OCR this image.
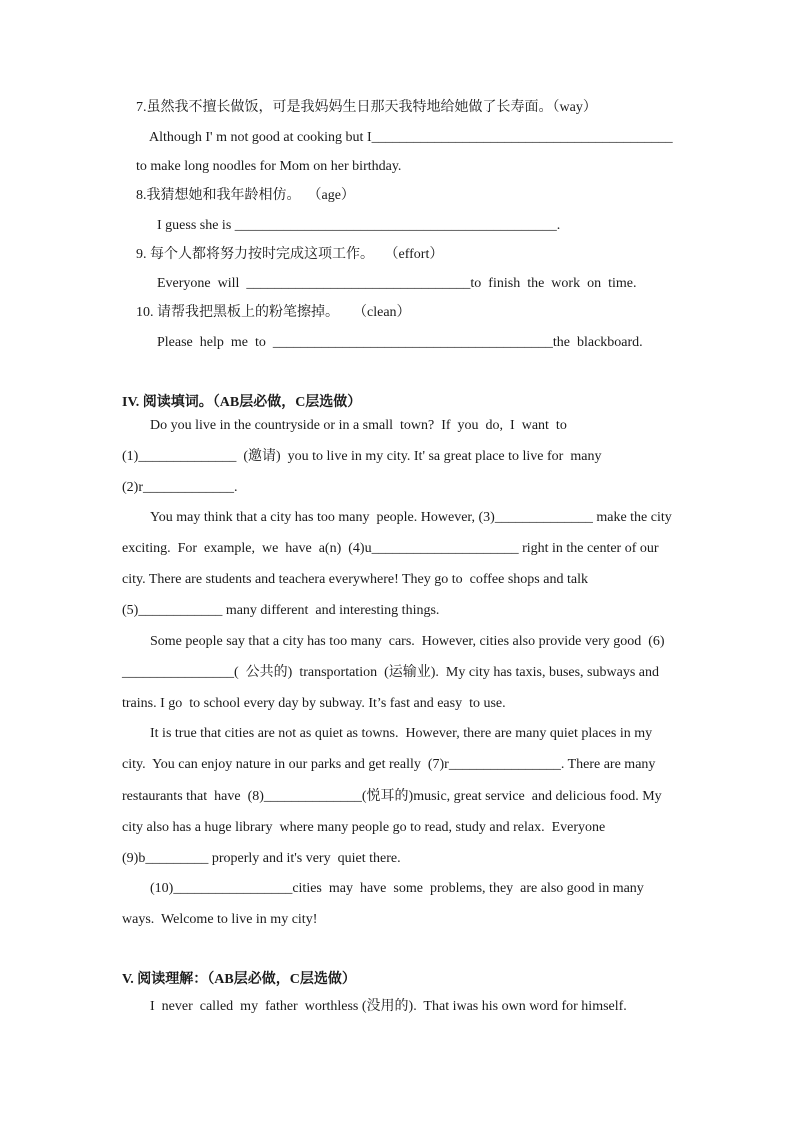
7.虽然我不擅长做饭，可是我妈妈生日那天我特地给她做了长寿面。（way）
Although I' m not good at cooking but I___________________________________________
to make long noodles for Mom on her birthday.
8.我猜想她和我年龄相仿。  （age）
I guess she is ______________________________________________.
9. 每个人都将努力按时完成这项工作。   （effort）
Everyone  will  ________________________________to  finish  the  work  on  time.
10. 请帮我把黑板上的粉笔擦掉。    （clean）
Please  help  me  to  ________________________________________the  blackboard.
IV. 阅读填词。（AB层必做，C层选做）
Do you live in the countryside or in a small  town?  If  you  do,  I  want  to
(1)______________  (邀请)  you to live in my city. It' sa great place to live for  many
(2)r_____________.
You may think that a city has too many  people. However, (3)______________ make the city
exciting.  For  example,  we  have  a(n)  (4)u_____________________ right in the center of our
city. There are students and teachera everywhere! They go to  coffee shops and talk
(5)____________ many different  and interesting things.
Some people say that a city has too many  cars.  However, cities also provide very good  (6)
________________(  公共的)  transportation  (运输业).  My city has taxis, buses, subways and
trains. I go  to school every day by subway. It’s fast and easy  to use.
It is true that cities are not as quiet as towns.  However, there are many quiet places in my
city.  You can enjoy nature in our parks and get really  (7)r________________. There are many
restaurants that  have  (8)______________(悦耳的)music, great service  and delicious food. My
city also has a huge library  where many people go to read, study and relax.  Everyone
(9)b_________ properly and it's very  quiet there.
(10)_________________cities  may  have  some  problems, they  are also good in many
ways.  Welcome to live in my city!
V. 阅读理解：（AB层必做，C层选做）
I  never  called  my  father  worthless (没用的).  That iwas his own word for himself.
